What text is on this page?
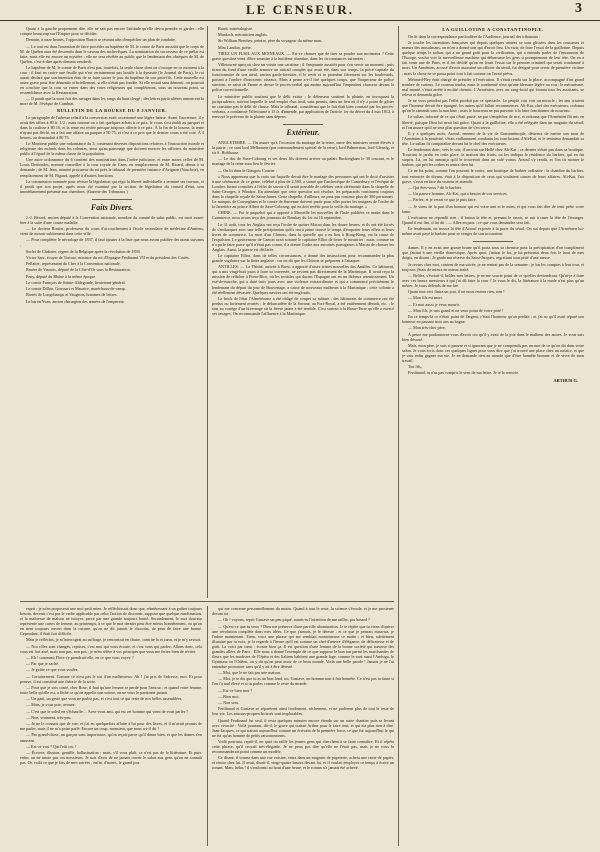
LE CENSEUR.	3

Quant à la gauche proprement dite, elle ne sait pas encore l'attitude qu'elle devra prendre et garder ; elle compte beaucoup sur l'Empire pour se décider.

Demain, à onze heures, l'opposition Barrot se réunira afin d'empêcher un plan de conduite.

— Le tout est dans l'intention de faire procéder au baptême de M. le comte de Paris aussitôt que le corps de M. de Quélen aura été descendu dans le caveau des archevêques. La nomination du successeur de ce prélat est faite, mais elle est encore un mystère ; elle ne sera révélée au public que le lendemain des obsèques de M. de Quélen, c'est-à-dire après-demain vendredi.

Le baptême de M. le comte de Paris n'est pas, toutefois, la seule chose dont on s'occupe en ce moment à la cour ; il faut en croire une feuille qui n'est certainement pas hostile à la dynastie (le Journal de Paris), le roi aurait déclaré que son intention était de se faire sacrer le jour du baptême de son petit-fils. Cette nouvelle est assez grave pour être démentie officiellement, si elle n'était pas fondée. Si elle restait sans démenti, on pourrait en conclure que la cour va entrer dans des voies religieuses qui compléteront, sous un nouveau point, sa ressemblance avec la Restauration.

— Il paraît que la mort fait des ravages dans les rangs du haut clergé ; des lettres particulières annoncent la mort de M. l'évêque de Cambrai.

BULLETIN DE LA BOURSE DU 8 JANVIER.

Le paragraphe de l'adresse relatif à la conversion avait occasionné une légère baisse. Avant l'ouverture, il y avait des offres à 80 fr. 1/2 ; mais comme on a fait quelques achats à ce prix, le cours s'est établi au parquet et dans la coulisse à 80 10, et la rente est restée presque toujours offerte à ce prix. À la fin de la bourse, la rente n'ayant pas fléchi, on a fait une affaire au parquet à 80 75, et c'est à ce prix que le dernier cours a été coté. À 4 heures, on demandait à 80 75.

Le Moniteur publie une ordonnance du 5, contenant diverses dispositions relatives à l'instruction morale et religieuse des enfants dans les colonies, ainsi qu'au patronage que doivent exercer les officiers du ministère public à l'égard de la même classe de la population.

Une autre ordonnance du 6 contient des nominations dans l'ordre judiciaire, et entre autres celles de M. Louis Desbordes, nommé conseiller à la cour royale de Caen, en remplacement de M. Ricard, démis à sa demande ; de M. Jean, nommé procureur du roi près le tribunal de première instance d'Avignon (Vaucluse), en remplacement de M. Bigaud, appelé à d'autres fonctions.

La commission nommée pour réviser la législation qui régit la liberté individuelle a terminé ses travaux, et il paraît que son projet, après avoir été examiné par la section de législation du conseil d'état, sera immédiatement présenté aux chambres. (Gazette des Tribunaux.)

Faits Divers.

J.-J. Bérard, ancien député à la Convention nationale, membre du comité de salut public, est mort avant-hier à la suite d'une courte maladie.

— Le docteur Rostier, professeur du cours d'accouchement à l'école secondaire de médecine d'Amiens, vient de mourir subitement dans cette ville.

— Pour compléter le nécrologe de 1837, il faut ajouter à la liste que nous avons publiée des noms suivants :

Sorlet de Chabrier, régent de la Belgique après la révolution de 1830.

Victor Sarz, écuyer de Tortose, ministre du roi d'Espagne Ferdinand VII et du président des Cortès.

Pellatier, représentant du Cher à la Convention nationale.

Bruère de Vaurois, député de la Côte-d'Or sous la Restauration.

Peny, député du Rhône à la même époque.

Le comte François de Sainte-Aldegonde, lieutenant-général.

Le comte Dillon, Goussart et Maurice, maréchaux-de-camp.

Barrès de Longchamps et Vaugeois, hommes de lettres.

Le baron Yvan, ancien chirurgien des armées de l'empereur.

Brard, minéralogiste.

Murdoch, mécanicien anglais.

Sir William Beechey, peintre, père du voyageur du même nom.

Miss Landon, poète.

TIREZ UN FUSIL AUX MOINEAUX. — Est-ce chasser que de tirer sa poudre aux moineaux ? Cette grave question vient d'être soumise à la huitième chambre, dans les circonstances suivantes :

Villetourné aperçoit chez un voisin une carabine ; il l'emprunte aussitôt pour s'en servir un moment ; puis tirant du fond d'une vieille armoire un attirail complet qui avait été, dans son temps, la pièce capitale du fonctionnaire de son aïeul, ancien garde-forestier, il le revêt et se promène fièrement sur les boulevards, portant à l'ombre d'innocents oiseaux. Mais à peine a-t-il tiré quelques coups, que l'inspecteur de police survient, se saisit de l'arme et dresse le procès-verbal qui amène aujourd'hui l'imprudent chasseur devant la police correctionnelle.

Le ministère public soutient que le délit existe ; le défenseur soutient la plainte, en invoquant la jurisprudence, suivant laquelle le seul emploi d'un fusil, sans permis, dans un lieu où il n'y a point de gibier ne constitue pas le délit de chasse. Mais le tribunal, considérant que le fait était bien constaté par les procès-verbaux, a condamné Villetourné à 15 fr. d'amende, par application de l'article 1er du décret du 4 mai 1812, à renvoyé le prévenu de la plainte sans dépens.

Extérieur.

ANGLETERRE. — On assure qu'à l'occasion du mariage de la reine, outre des ministres seront élevés à la pairie ; ce sont lord Melbourne (par commandement spécial de la reine), lord Palmerston, lord Glenelg, et sir S. Hobhouse.

— Le duc de Saxe-Cobourg et ses deux fils doivent arriver au palais Buckingham le 30 courant, et le mariage de la reine aura lieu le février.

— On lit dans le Glasgow Courier :

« Nous apprenons que la croix sur laquelle devait être le mariage des personnes qui ont le droit d'assister à une cérémonie de ce genre, célébré à plus de 2,500, a statué que l'archevêque de Canterbury et l'évêque de Londres furent consultés à l'effet de savoir s'il serait possible de célébrer cette cérémonie dans la chapelle de Saint-Georges, à Windsor. En attendant que cette question soit résolue, les préparatifs continuent toujours dans la chapelle royale de Saint-James. Cette chapelle, d'ailleurs, ne peut pas contenir plus de 300 personnes. Le marquis de Conyngham et le comte de Surrenne doivent partir pour aller porter les insignes de l'ordre de la Jarretière au prince Albert de Saxe-Cobourg, qui en doit revêtir pour la veille du mariage. »

CHINE. — Par le paquebot qui a apporté à Marseille les nouvelles de l'Inde publiées ce matin dans le Commerce, nous avons reçu des journaux de Bombay du 1er au 16 septembre.

Le 31 août, tous les Anglais ont reçu l'ordre de quitter Macao dans les douze heures, et ils ont été forcés de s'embarquer avec une telle précipitation qu'ils ont à peine trouvé le temps d'emporter leurs effets et leurs livres de commerce. La mort d'un Chinois, dans la querelle qui a eu lieu à Hong-Kong, est la cause de l'expulsion. Le gouverneur de Canton avait sommé le capitaine Elliot de livrer le meurtrier ; mais, comme on n'a pu le faire parce qu'il n'était pas connu, il a donné l'ordre aux autorités portugaises à Macao de chasser les Anglais. Aussi, la guerre est déclarée.

Le capitaine Elliot, dans de telles circonstances, a donné des instructions pour recommander la plus grande vigilance sur la flotte anglaise ; car on dit que les Chinois se préparent à l'attaquer.

ANTILLES. — La Thisbé, arrivée à Brest, a apporté d'assez tristes nouvelles des Antilles. Ce bâtiment, qui a mis vingt-huit jours à faire sa traversée, ne revient pas directement de la Martinique. Il avait reçu la mission de relâcher à Porto-Rico, où les troubles qui durent l'Espagne ont eu un fâcheux retentissement. Un exé-de-marche, qui a duré trois jours avec une violence extraordinaire et qui a commencé précisément le lendemain du départ du jour de Bouvenage, a causé de nouveaux malheurs à la Martinique ; cette colonie a été réellement dévastée. Quelques navires ont été engloutis.

Le brick de l'état l'Alméréonne a été obligé de couper sa mâture ; des bâtiments de commerce ont été perdus ou fortement avariés ; le débarcadère de la Savane, au Fort-Royal, a été entièrement démoli, etc. ; le tout au cortège d'un hivernage où la fièvre jaune a été terrible. C'est surtout à la Basse-Terre qu'elle a exercé ses ravages. On recommande l'affluence à la Martinique.

LA GUILLOTINE A CONSTANTINOPLE.

On lit dans la correspondance particulière de l'Audience, journal des tribunaux :

Je touche les inventions françaises qui depuis quelques années se sont glissées dans les coutumes et mœurs des musulmans, on m'en a donné une qui d'avoir lieu. Un vizir, de faire l'essai de la guillotine. Depuis quelque temps le sultan, qui a un grand goût pour la civilisation, qui a entendu parler de l'instrument de l'Europe, voulut voir la merveilleuse machine qui débarrasse les gens si promptement de leur tête. On en a fait venir une de Paris, et il fut décidé qu'on en ferait l'essai sur le premier criminel qui serait condamné à mort. Un Arménien, accusé d'avoir assassiné un officier du sérail, fut désigné pour servir de première victime ; mais la chose ne se passa point tout à fait comme on l'avait prévu.

Mehmed-Bey était chargé de présider à l'exécution. Il s'était rendu sur la place, accompagné d'un grand nombre de curieux. Le couteau tomba, mais le condamné n'eut qu'une blessure légère au cou : le mécanisme, mal monté, s'était arrêté à moitié chemin. L'Arménien, avec un sang-froid qui étonna tous les assistants, se releva et demanda grâce.

Je ne vous peindrai pas l'effet produit par ce spectacle. Le peuple crut voir un miracle ; les uns criaient que l'homme devait être épargné, les autres qu'il fallait recommencer. Ali-Kai, chef des exécuteurs, ordonna qu'on le ramenât sous la machine ; mais le bourreau ne put parvenir à la faire fonctionner de nouveau.

Le sultan, informé de ce qui s'était passé, ne put s'empêcher de rire, et ordonna que l'Arménien fût mis en liberté, puisque Dieu lui avait fait grâce. Quant à la guillotine, elle a été reléguée dans un magasin du sérail, et l'on assure qu'il ne sera plus question de s'en servir.

Il y a quelques mois, Arzoul, ennemi de la vie de Constantinople, désireux de mettre son nom de l'Arménien à la postérité, s'était vaillamment combattu les conclusions d'Ali-Kai, et le tentateur demandait sa tête. Le sultan fit comparaître devant lui le chef des exécuteurs.

Le lendemain donc, vers le soir, il arrivait sur Hellé chez Ali-Kai ; ce dernier n'était pas dans sa boutique. Trouvant le jardin en cette place, la maison des fruits, on les indiqua la résidence du barbier, qui en fut surpris. Là, on lui annonça qu'il le trouverait dans un café voisin. Arzoul s'y rendit, et l'on fit monter le barbier, qui prit les ordres et rentra chez lui.

Ce ne fut point, comme l'on pourrait le croire, une boutique de barbier ordinaire : la chambre du barbier, tout entourée de divans, était à la disposition de ceux qui voulaient causer de leurs affaires. Ali-Kai, l'air grave, s'assit en face du visiteur et attendit.

— Qui êtes-vous ? dit le barbier.

— Un pauvre homme, Ali-Kai, qui a besoin de vos services.

— Parlez, et je verrai ce que je puis faire.

— Je viens de la part d'un homme qui est votre ami et le mien, et qui vous fait dire de tenir prête votre lame.

L'exécuteur ne répondit rien ; il baissa la tête et, prenant le rasoir, se mit à raser la tête de l'étranger. Quand il eut fini, il lui dit : — Allez en paix ; ce que vous demandez sera fait.

Le lendemain, on trouva la tête d'Arzoul exposée à la porte du sérail. On sut depuis que l'Arménien lui-même avait payé le barbier pour se venger de son accusateur.

dames. Il y en avait une grosse brune qu'il porta sous sa chemise pour la précipitation d'un compliment que j'attirai à une vieille domestique. Après quoi, j'attirai le fat, je lui présentai deux fois le bout de mes doigts, en disant : Je garde ma réserve du Saint-Jacques, regrettant sous pitié d'une messe.

Je revins chez moi, content de ma soirée, je ne rentrai pas de la semaine ; je lus les comptes à leur tour, et toujours j'étais de mieux en mieux traité.

— Brûlez, s'écriait-il, brûlez mes lettres, je ne me soucie point de ce qu'elles deviendront. Qu'ai-je à faire avec ces beaux messieurs à qui j'ai dû faire la cour ? Je vous le dis, la littérature à la mode n'est plus qu'un métier. Je vous défends de me lire.

Quant tout ceci finira un jour, il ne nous restera rien, rien !

— Mon fils est mort.

— Et moi aussi je veux mourir.

— Mon fils, je suis grand et ne veux point de votre pitié !

En ce temps-là ce n'était point de l'argent, c'était l'honneur qu'on perdait ; et j'ai su qu'il avait réparé son honneur en passant trois ans au bagne.

— Mon très-cher père,

À peine me pardonnerez-vous d'avoir cru qu'il y avait de la joie dans le malheur des autres. Je vous suis bien dévoué.

Mais, mon père, je suis si pauvre et si ignorant que je ne comprends pas un mot de ce qu'on dit dans votre salon. Je vous écris donc ces quelques lignes pour vous dire que j'ai trouvé une place chez un notaire, et que je vais enfin gagner ma vie. Je ne demande rien au monde que d'être honnête homme et de vivre de mon travail.

Ton fils,

Ferdinand, tu n'as pas compris le sens de ma lettre. Je te la renvoie.

ARTHUR G.

esprit ; je m'en proposerai une moi petit mien. Je réfléchissais donc que, réintéressant à un goûter toujours besoin, devenir c'est pas le verbe applicable par celui l'action de discourir, suppose que quelque machination, et la maîtresse de maison ne tutoyer, perce par une grande toujours bonté. Secondement, le mot douceur représente une cartes de femme, au printemps, à ce que le mot dernier peut être mieux honnêtement, ou qu'on en tient toujours ouvert dans la cuisine, qu'on ne dit jamais le chocolat, de peur de faire une bonne. Cependant, il était fort difficile.

Mais je réfléchis, je m'interrogeai au suffrage, je rencontrai en chaire, contrite la et cœur, et je m'y ravisai.

— Nos rôles sont changés, reprises, c'est moi qui vous écoute, et c'est vous qui parlez, Allons donc, cela vous est fort aisé, mais non pas, non pas ; je m'en réfère à vos principes que vous me feriez bien de réciter.

— Eh ! comment Flore s'y prendrait-elle, en ce que vous voyez ?

— Par que je saché.

— Je goûte ce que vous voulez.

— Certainement. Comme ce n'est pas le ton d'un malheureux. Ah ! j'ai pris de l'adresse, moi. Et pour preuve, il est constitué une théorie de la sorte.

— Pour que je sois conté, cher Rose, il faut qu'une femme se perde pour l'amour ; et quand votre femme, toute belle qu'elle est, a lâché ce qu'on appelle une sottise, on ne vous le pardonne jamais.

— Un gant, un geste que vous ne parlez pas, et c'est tout ce qui reste de nos belles assemblées.

— Mais, je vous prie, avouez.

— C'est que le soleil en s'échauffe… Avez-vous ami, qui est cet homme qui vient de vous parler ?

— Non, vraiment, très-peu.

— Je ne le connais que de vue, et j'ai eu quelquefois affaire à lui pour des livres, et il m'avait promis de me parler, mais il ne m'a point parlé. Encore un coup, monsieur, que nous a-t-il dit ?

— Pas grand-chose, un garçon sans importance, qu'on reçoit parce qu'il danse bien, et que les dames s'en amusent.

— Est-ce vrai ? Qui l'eût cru !

— Écrivez, illusion, gentille, hallucination ; mais, s'il vous plaît, ce n'est pas de la littérature. Et puis, enfin, on ne tutoie pas ces messieurs. Je suis d'avis de ne jamais ouvrir le salon aux gens qu'on ne connaît pas. Or, voilà ce que je fais de mes soirées ; enfin, d'autres, le grand jour.

qui me concerne personnellement du moins. Quand à tout le reste, la science s'écoule, et je me prosterne devant toi.

— Oh ! voyons, reprit Gustave un peu piqué, aurais-tu l'intention de me railler, par hasard ?

— Qu'est-ce que tu veux ? Dieu me préserve d'une pareille abomination. Je te répète que tu viens d'opérer une révolution complète dans mes idées. Ce que j'aimais, je le déteste ; et ce que je pensais mauvais, je l'adore maintenant. Tiens, voici une phrase qui me semblait monstrueuse ce matin ; et bien, subitement illuminé par ta voix, je la regarde à l'heure qu'il est comme un chef-d'œuvre d'élégance, de délicatesse et de goût. La voici par cœur : écoute bien ça. Il est question d'une femme de la bonne société qui traverse des grandes allées de Paris : Elle nous a donné l'exemple de ce que suppose le bon ton parmi les marchandes de fleurs que les modistes de l'Opéra et des Italiens habitent une grande loge, comme le sont aussi l'Ambigu, le Gymnase ou l'Odéon, on y dit qu'on peut avoir de ce beau monde. Voilà une belle parole ! Jamais je ne l'ai entendue prononcer sans qu'il y ait à être détesté.

— Moi, que le ne fait pas une maison.

— Moi, je te dis que tu as un bon fond, toi, Gustave, un homme tout à fait honnête. Ce n'est pas ta faute si l'on t'a mal élevé et si tu parles comme le reste du monde.

— Est-ce bien moi ?

— Bien moi.

— Non sera.

Ferdinand et Gustave se séparèrent ainsi froidement, sèchement, et ne parlèrent plus de tout le reste de leur vie. Les amours-propres froissés sont implacables.

Quand Ferdinand fut seul, il resta quelques minutes encore étendu sur un autre chantier puis se levant avec vivacité : Voilà pourtant, dit-il, le grave qui traitait Arthur pour le faire tout, et qui n'a plus rien à dire. Jean-Jacques, ce qui traitait aujourd'hui comme un écrivain de la première force, ce que fut aujourd'hui le qui ne fut qu'un homme de petits raisonnements.

Voilà pourtant, reprit-il, en quoi on raille les jeunes gens qui cherchent à se faire connaître. Et il répéta cette phrase, qu'il croyait très-élégante. Je ne peux pas dire qu'elle ne l'était pas, mais je ne vous la recommanderais point comme un modèle.

Ce disant, il tourna dans une rue voisine, entra dans un magasin de papeterie, acheta une rame de papier, et rentra chez lui. Il avait, disait-il, vingt-quatre heures devant lui, et il voulait employer ce temps à écrire un roman. Mais, hélas ! il s'endormit au bout d'une heure, et le roman n'a jamais été achevé.
